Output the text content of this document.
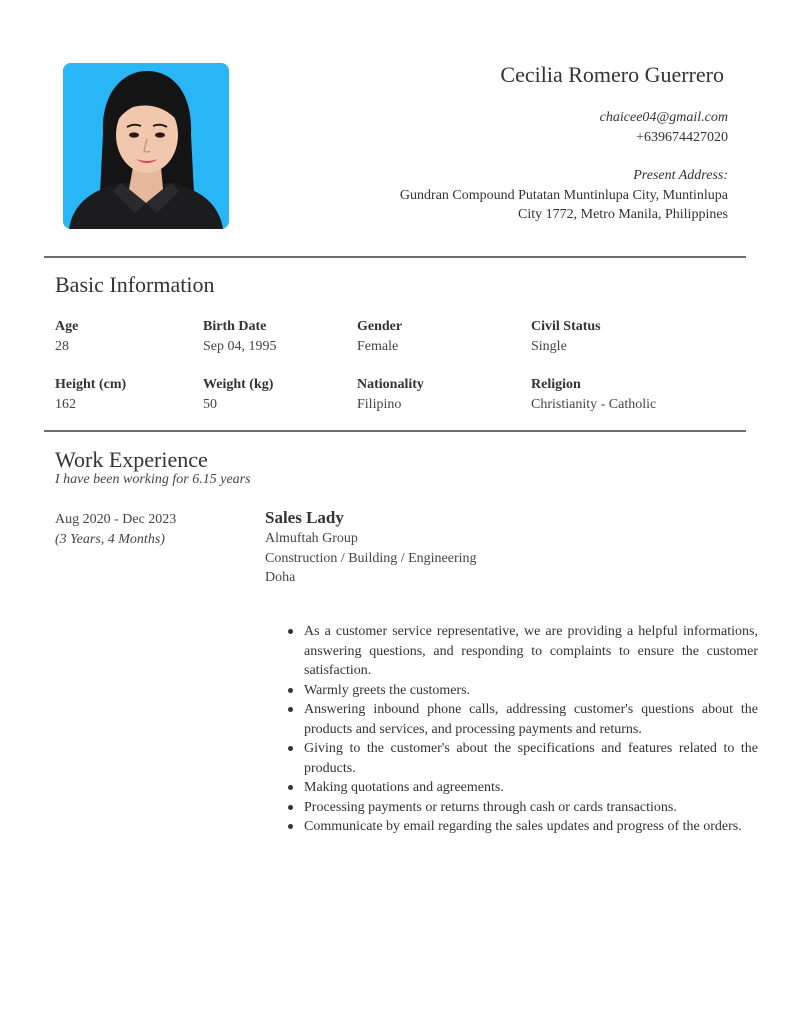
Cecilia Romero Guerrero
chaicee04@gmail.com
+639674427020
Present Address:
Gundran Compound Putatan Muntinlupa City, Muntinlupa
City 1772, Metro Manila, Philippines
Basic Information
Age
28
Birth Date
Sep 04, 1995
Gender
Female
Civil Status
Single
Height (cm)
162
Weight (kg)
50
Nationality
Filipino
Religion
Christianity - Catholic
Work Experience
I have been working for 6.15 years
Aug 2020 - Dec 2023
(3 Years, 4 Months)
Sales Lady
Almuftah Group
Construction / Building / Engineering
Doha
As a customer service representative, we are providing a helpful informations, answering questions, and responding to complaints to ensure the customer satisfaction.
Warmly greets the customers.
Answering inbound phone calls, addressing customer's questions about the products and services, and processing payments and returns.
Giving to the customer's about the specifications and features related to the products.
Making quotations and agreements.
Processing payments or returns through cash or cards transactions.
Communicate by email regarding the sales updates and progress of the orders.
